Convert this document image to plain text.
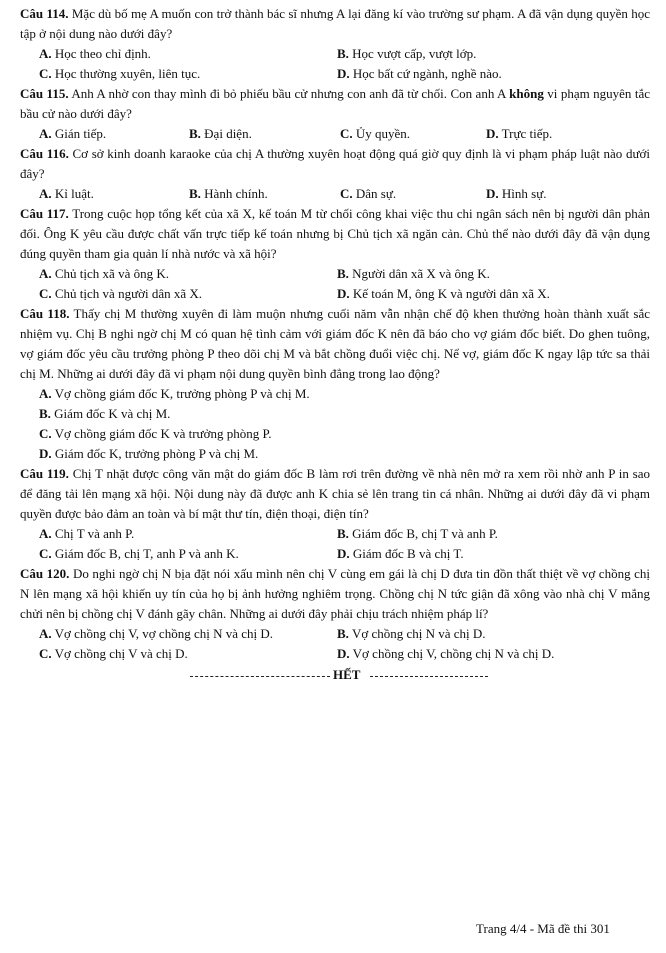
Câu 114. Mặc dù bố mẹ A muốn con trở thành bác sĩ nhưng A lại đăng kí vào trường sư phạm. A đã vận dụng quyền học tập ở nội dung nào dưới đây?

A. Học theo chỉ định.	B. Học vượt cấp, vượt lớp.
C. Học thường xuyên, liên tục.	D. Học bất cứ ngành, nghề nào.

Câu 115. Anh A nhờ con thay mình đi bỏ phiếu bầu cử nhưng con anh đã từ chối. Con anh A không vi phạm nguyên tắc bầu cử nào dưới đây?

A. Gián tiếp.	B. Đại diện.	C. Ủy quyền.	D. Trực tiếp.

Câu 116. Cơ sở kinh doanh karaoke của chị A thường xuyên hoạt động quá giờ quy định là vi phạm pháp luật nào dưới đây?

A. Kỉ luật.	B. Hành chính.	C. Dân sự.	D. Hình sự.

Câu 117. Trong cuộc họp tổng kết của xã X, kế toán M từ chối công khai việc thu chi ngân sách nên bị người dân phản đối. Ông K yêu cầu được chất vấn trực tiếp kế toán nhưng bị Chủ tịch xã ngăn cản. Chủ thể nào dưới đây đã vận dụng đúng quyền tham gia quản lí nhà nước và xã hội?

A. Chủ tịch xã và ông K.	B. Người dân xã X và ông K.
C. Chủ tịch và người dân xã X.	D. Kế toán M, ông K và người dân xã X.

Câu 118. Thấy chị M thường xuyên đi làm muộn nhưng cuối năm vẫn nhận chế độ khen thưởng hoàn thành xuất sắc nhiệm vụ. Chị B nghi ngờ chị M có quan hệ tình cảm với giám đốc K nên đã báo cho vợ giám đốc biết. Do ghen tuông, vợ giám đốc yêu cầu trưởng phòng P theo dõi chị M và bắt chồng đuổi việc chị. Nể vợ, giám đốc K ngay lập tức sa thải chị M. Những ai dưới đây đã vi phạm nội dung quyền bình đẳng trong lao động?

A. Vợ chồng giám đốc K, trưởng phòng P và chị M.
B. Giám đốc K và chị M.
C. Vợ chồng giám đốc K và trưởng phòng P.
D. Giám đốc K, trưởng phòng P và chị M.

Câu 119. Chị T nhặt được công văn mật do giám đốc B làm rơi trên đường về nhà nên mở ra xem rồi nhờ anh P in sao để đăng tải lên mạng xã hội. Nội dung này đã được anh K chia sẻ lên trang tin cá nhân. Những ai dưới đây đã vi phạm quyền được bảo đảm an toàn và bí mật thư tín, điện thoại, điện tín?

A. Chị T và anh P.	B. Giám đốc B, chị T và anh P.
C. Giám đốc B, chị T, anh P và anh K.	D. Giám đốc B và chị T.

Câu 120. Do nghi ngờ chị N bịa đặt nói xấu mình nên chị V cùng em gái là chị D đưa tin đồn thất thiệt về vợ chồng chị N lên mạng xã hội khiến uy tín của họ bị ảnh hưởng nghiêm trọng. Chồng chị N tức giận đã xông vào nhà chị V mắng chửi nên bị chồng chị V đánh gãy chân. Những ai dưới đây phải chịu trách nhiệm pháp lí?

A. Vợ chồng chị V, vợ chồng chị N và chị D.	B. Vợ chồng chị N và chị D.
C. Vợ chồng chị V và chị D.	D. Vợ chồng chị V, chồng chị N và chị D.
HẾT
Trang 4/4 - Mã đề thi 301
